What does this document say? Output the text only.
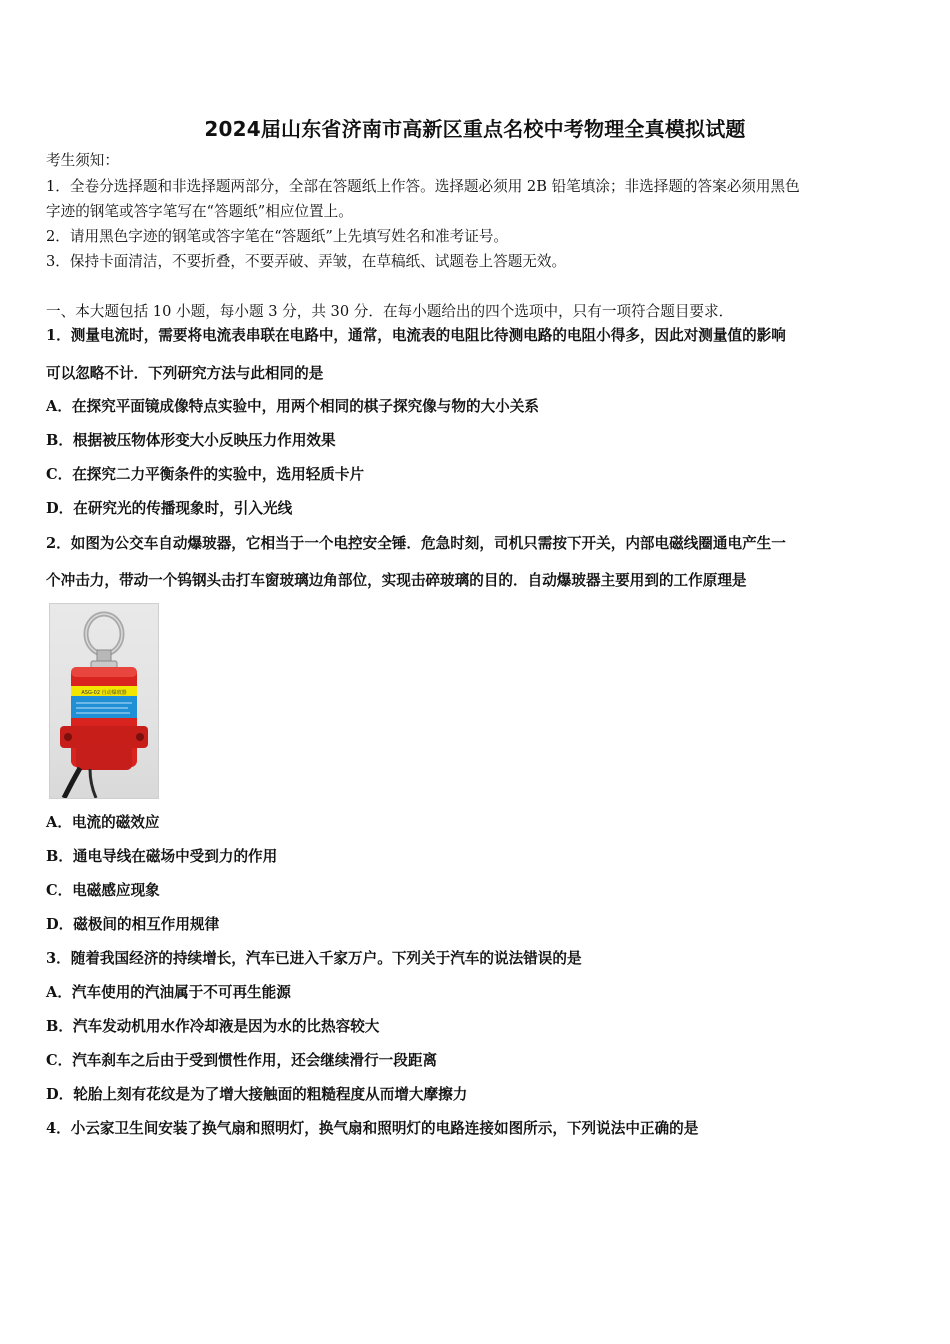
2024届山东省济南市高新区重点名校中考物理全真模拟试题
考生须知：
1．全卷分选择题和非选择题两部分，全部在答题纸上作答。选择题必须用 2B 铅笔填涂；非选择题的答案必须用黑色
字迹的钢笔或答字笔写在“答题纸”相应位置上。
2．请用黑色字迹的钢笔或答字笔在“答题纸”上先填写姓名和准考证号。
3．保持卡面清洁，不要折叠，不要弄破、弄皱，在草稿纸、试题卷上答题无效。
一、本大题包括 10 小题，每小题 3 分，共 30 分．在每小题给出的四个选项中，只有一项符合题目要求．
1．测量电流时，需要将电流表串联在电路中，通常，电流表的电阻比待测电路的电阻小得多，因此对测量值的影响
可以忽略不计．下列研究方法与此相同的是
A．在探究平面镜成像特点实验中，用两个相同的棋子探究像与物的大小关系
B．根据被压物体形变大小反映压力作用效果
C．在探究二力平衡条件的实验中，选用轻质卡片
D．在研究光的传播现象时，引入光线
2．如图为公交车自动爆玻器，它相当于一个电控安全锤．危急时刻，司机只需按下开关，内部电磁线圈通电产生一
个冲击力，带动一个钨钢头击打车窗玻璃边角部位，实现击碎玻璃的目的．自动爆玻器主要用到的工作原理是
ASG-02 自动爆玻器
A．电流的磁效应
B．通电导线在磁场中受到力的作用
C．电磁感应现象
D．磁极间的相互作用规律
3．随着我国经济的持续增长，汽车已进入千家万户。下列关于汽车的说法错误的是
A．汽车使用的汽油属于不可再生能源
B．汽车发动机用水作冷却液是因为水的比热容较大
C．汽车刹车之后由于受到惯性作用，还会继续滑行一段距离
D．轮胎上刻有花纹是为了增大接触面的粗糙程度从而增大摩擦力
4．小云家卫生间安装了换气扇和照明灯，换气扇和照明灯的电路连接如图所示，下列说法中正确的是
